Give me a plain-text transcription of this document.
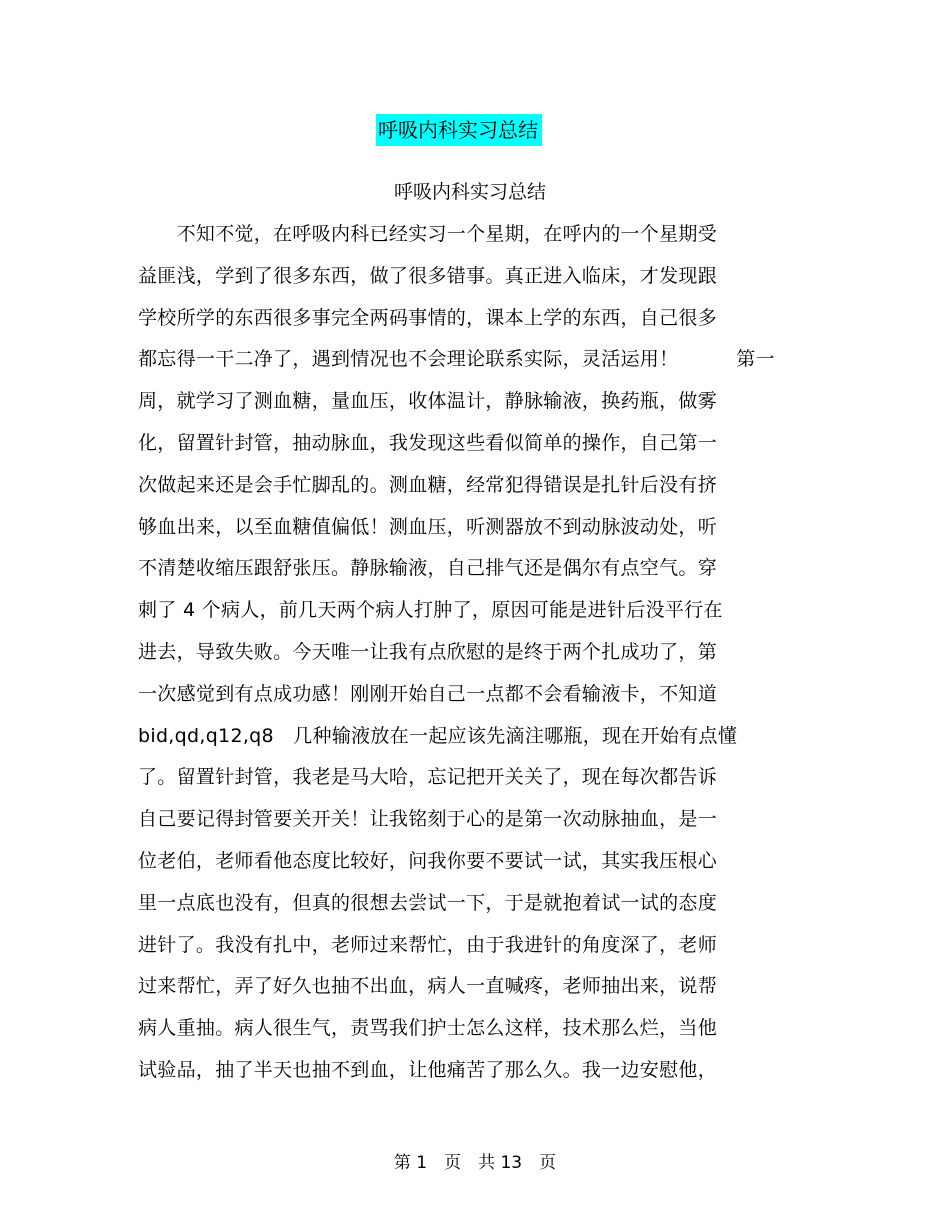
呼吸内科实习总结
呼吸内科实习总结
　　不知不觉，在呼吸内科已经实习一个星期，在呼内的一个星期受
益匪浅，学到了很多东西，做了很多错事。真正进入临床，才发现跟
学校所学的东西很多事完全两码事情的，课本上学的东西，自己很多
都忘得一干二净了，遇到情况也不会理论联系实际，灵活运用！　　　第一
周，就学习了测血糖，量血压，收体温计，静脉输液，换药瓶，做雾
化，留置针封管，抽动脉血，我发现这些看似简单的操作，自己第一
次做起来还是会手忙脚乱的。测血糖，经常犯得错误是扎针后没有挤
够血出来，以至血糖值偏低！测血压，听测器放不到动脉波动处，听
不清楚收缩压跟舒张压。静脉输液，自己排气还是偶尔有点空气。穿
刺了 4 个病人，前几天两个病人打肿了，原因可能是进针后没平行在
进去，导致失败。今天唯一让我有点欣慰的是终于两个扎成功了，第
一次感觉到有点成功感！刚刚开始自己一点都不会看输液卡，不知道
bid,qd,q12,q8　几种输液放在一起应该先滴注哪瓶，现在开始有点懂
了。留置针封管，我老是马大哈，忘记把开关关了，现在每次都告诉
自己要记得封管要关开关！让我铭刻于心的是第一次动脉抽血，是一
位老伯，老师看他态度比较好，问我你要不要试一试，其实我压根心
里一点底也没有，但真的很想去尝试一下，于是就抱着试一试的态度
进针了。我没有扎中，老师过来帮忙，由于我进针的角度深了，老师
过来帮忙，弄了好久也抽不出血，病人一直喊疼，老师抽出来，说帮
病人重抽。病人很生气，责骂我们护士怎么这样，技术那么烂，当他
试验品，抽了半天也抽不到血，让他痛苦了那么久。我一边安慰他，
第 1　页　共 13　页
